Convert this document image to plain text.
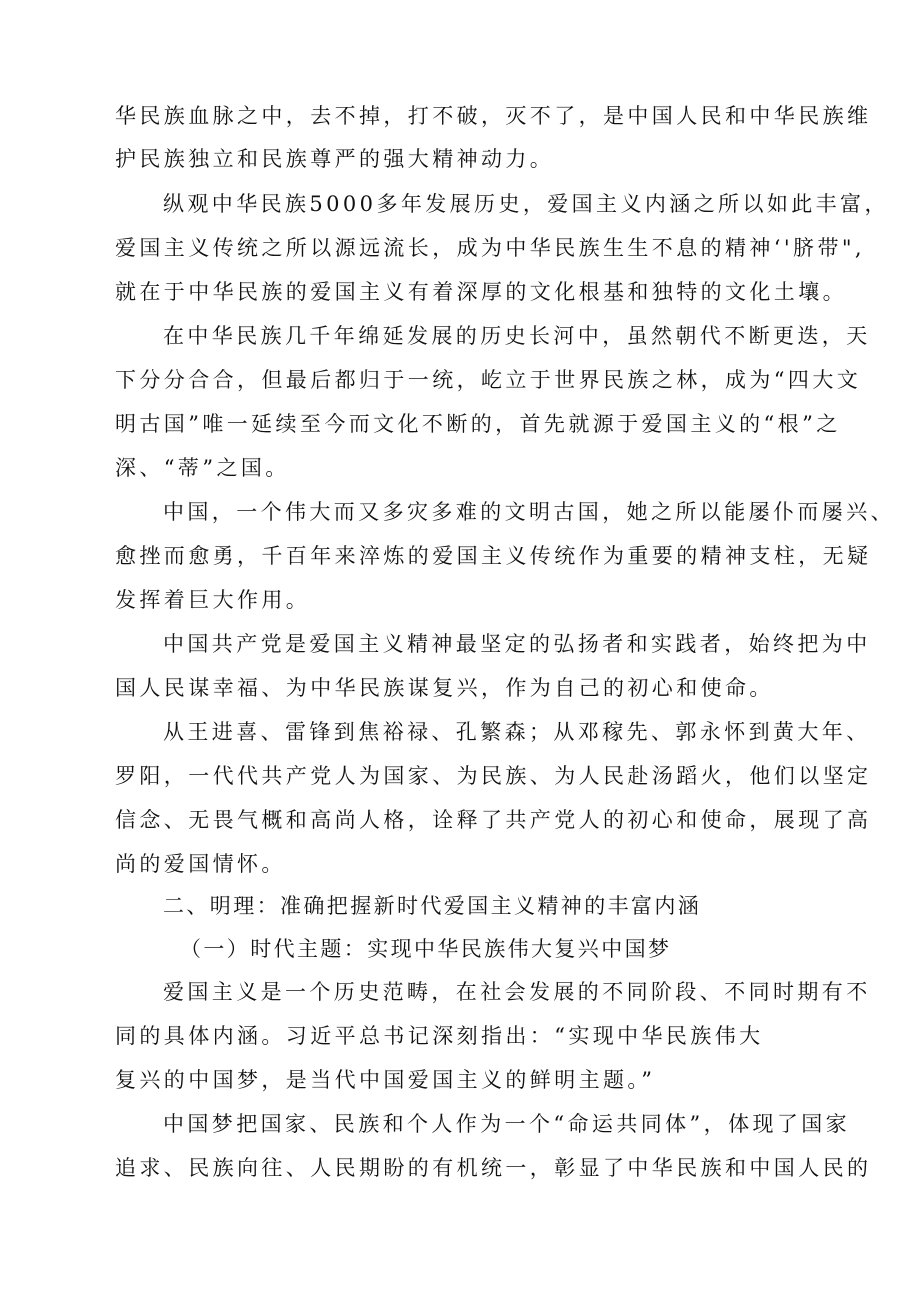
华民族血脉之中，去不掉，打不破，灭不了，是中国人民和中华民族维
护民族独立和民族尊严的强大精神动力。
纵观中华民族5000多年发展历史，爱国主义内涵之所以如此丰富，
爱国主义传统之所以源远流长，成为中华民族生生不息的精神‘'脐带",
就在于中华民族的爱国主义有着深厚的文化根基和独特的文化土壤。
在中华民族几千年绵延发展的历史长河中，虽然朝代不断更迭，天
下分分合合，但最后都归于一统，屹立于世界民族之林，成为“四大文
明古国”唯一延续至今而文化不断的，首先就源于爱国主义的“根”之
深、“蒂”之国。
中国，一个伟大而又多灾多难的文明古国，她之所以能屡仆而屡兴、
愈挫而愈勇，千百年来淬炼的爱国主义传统作为重要的精神支柱，无疑
发挥着巨大作用。
中国共产党是爱国主义精神最坚定的弘扬者和实践者，始终把为中
国人民谋幸福、为中华民族谋复兴，作为自己的初心和使命。
从王进喜、雷锋到焦裕禄、孔繁森；从邓稼先、郭永怀到黄大年、
罗阳，一代代共产党人为国家、为民族、为人民赴汤蹈火，他们以坚定
信念、无畏气概和高尚人格，诠释了共产党人的初心和使命，展现了高
尚的爱国情怀。
二、明理：准确把握新时代爱国主义精神的丰富内涵
（一）时代主题：实现中华民族伟大复兴中国梦
爱国主义是一个历史范畴，在社会发展的不同阶段、不同时期有不
同的具体内涵。习近平总书记深刻指出：“实现中华民族伟大
复兴的中国梦，是当代中国爱国主义的鲜明主题。”
中国梦把国家、民族和个人作为一个“命运共同体”，体现了国家
追求、民族向往、人民期盼的有机统一，彰显了中华民族和中国人民的
